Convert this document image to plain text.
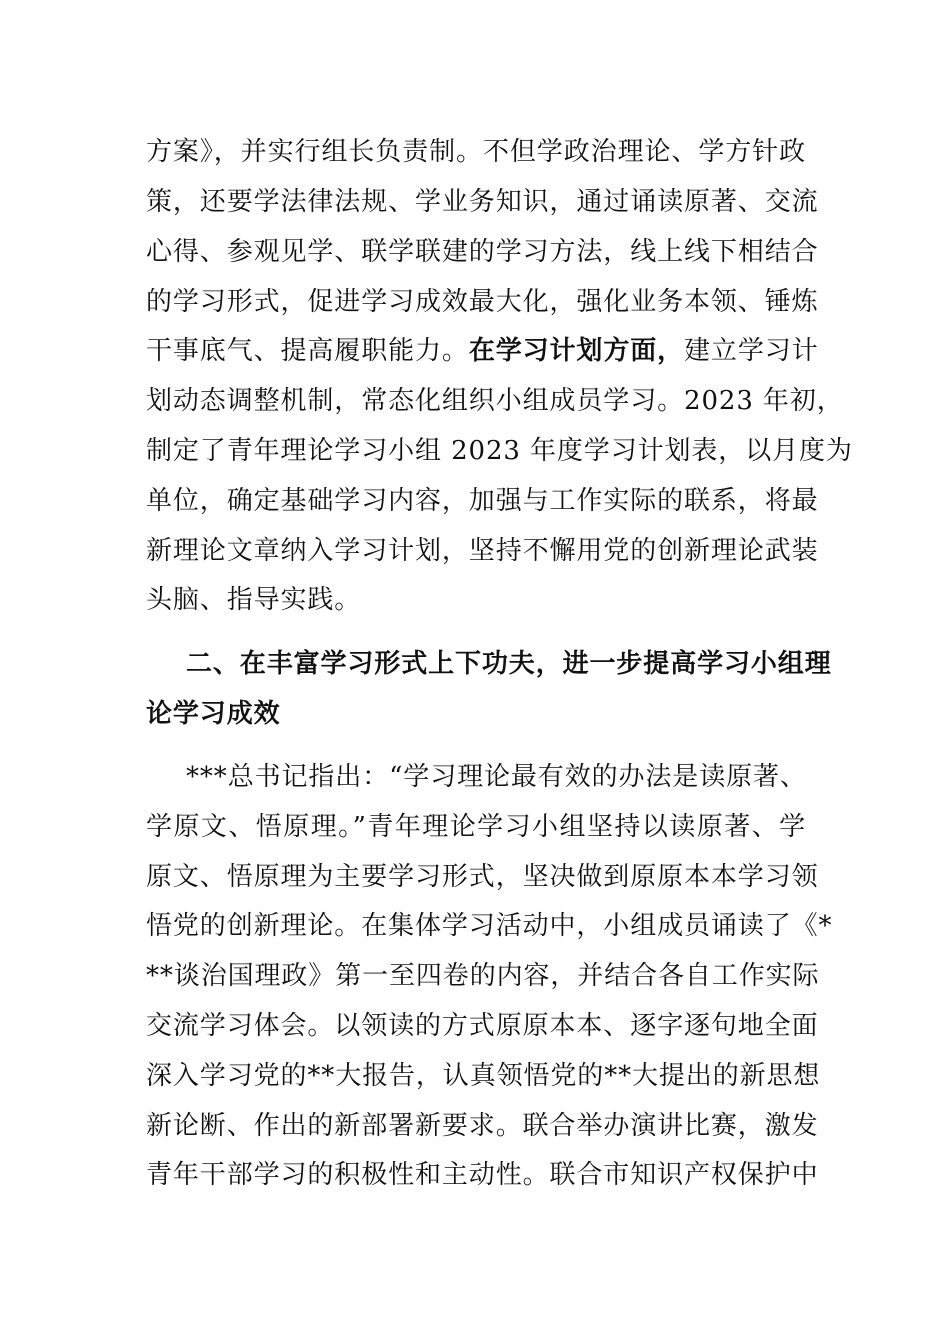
方案》，并实行组长负责制。不但学政治理论、学方针政
策，还要学法律法规、学业务知识，通过诵读原著、交流
心得、参观见学、联学联建的学习方法，线上线下相结合
的学习形式，促进学习成效最大化，强化业务本领、锤炼
干事底气、提高履职能力。在学习计划方面，建立学习计
划动态调整机制，常态化组织小组成员学习。2023 年初，
制定了青年理论学习小组 2023 年度学习计划表，以月度为
单位，确定基础学习内容，加强与工作实际的联系，将最
新理论文章纳入学习计划，坚持不懈用党的创新理论武装
头脑、指导实践。
二、在丰富学习形式上下功夫，进一步提高学习小组理
论学习成效
***总书记指出：“学习理论最有效的办法是读原著、
学原文、悟原理。”青年理论学习小组坚持以读原著、学
原文、悟原理为主要学习形式，坚决做到原原本本学习领
悟党的创新理论。在集体学习活动中，小组成员诵读了《*
**谈治国理政》第一至四卷的内容，并结合各自工作实际
交流学习体会。以领读的方式原原本本、逐字逐句地全面
深入学习党的**大报告，认真领悟党的**大提出的新思想
新论断、作出的新部署新要求。联合举办演讲比赛，激发
青年干部学习的积极性和主动性。联合市知识产权保护中
